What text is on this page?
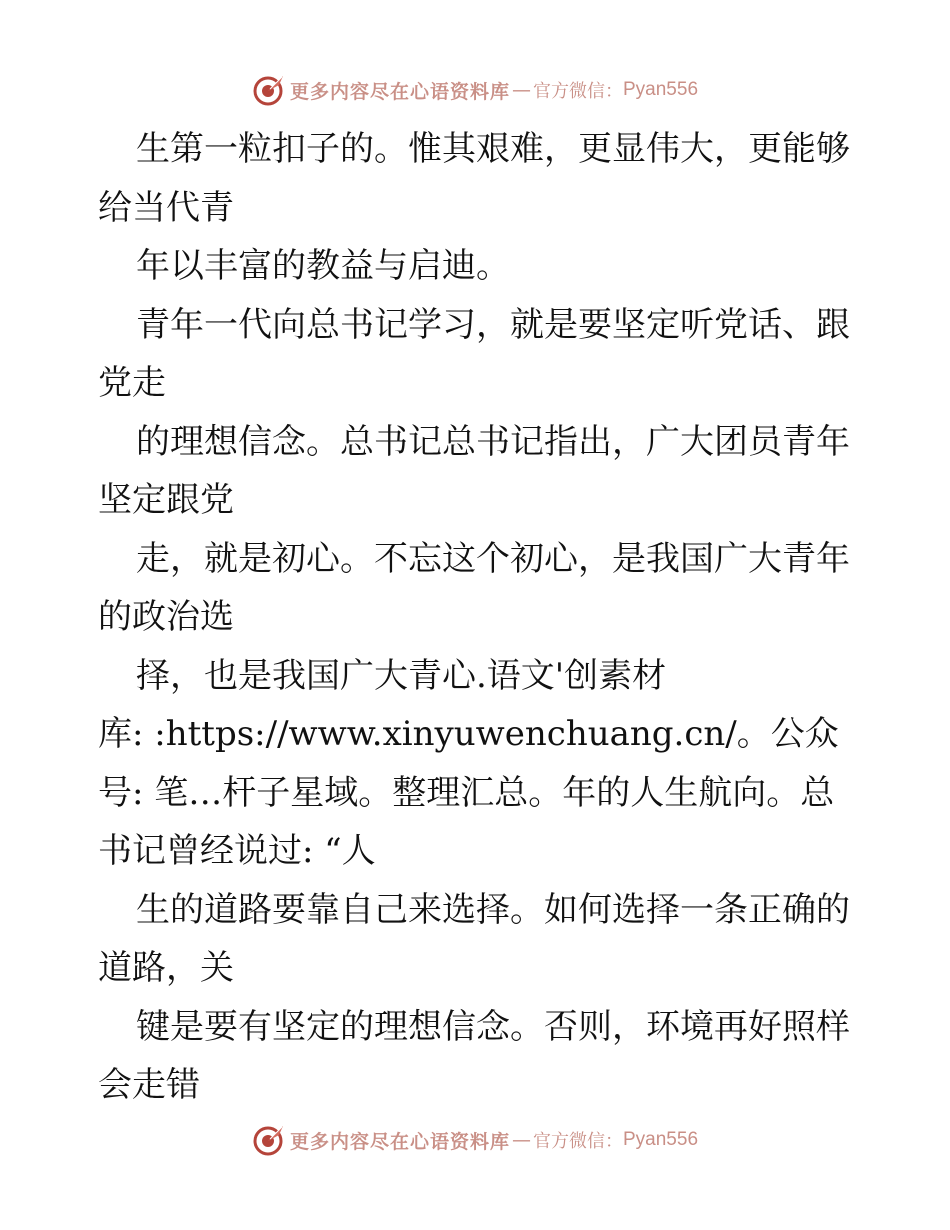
更多内容尽在心语资料库 — 官方微信： Pyan556
生第一粒扣子的。惟其艰难，更显伟大，更能够
给当代青
年以丰富的教益与启迪。
青年一代向总书记学习，就是要坚定听党话、跟
党走
的理想信念。总书记总书记指出，广大团员青年
坚定跟党
走，就是初心。不忘这个初心，是我国广大青年
的政治选
择，也是我国广大青心.语文'创素材
库: :https://www.xinyuwenchuang.cn/。公众
号: 笔…杆子星域。整理汇总。年的人生航向。总
书记曾经说过: “人
生的道路要靠自己来选择。如何选择一条正确的
道路，关
键是要有坚定的理想信念。否则，环境再好照样
会走错
更多内容尽在心语资料库 — 官方微信： Pyan556
